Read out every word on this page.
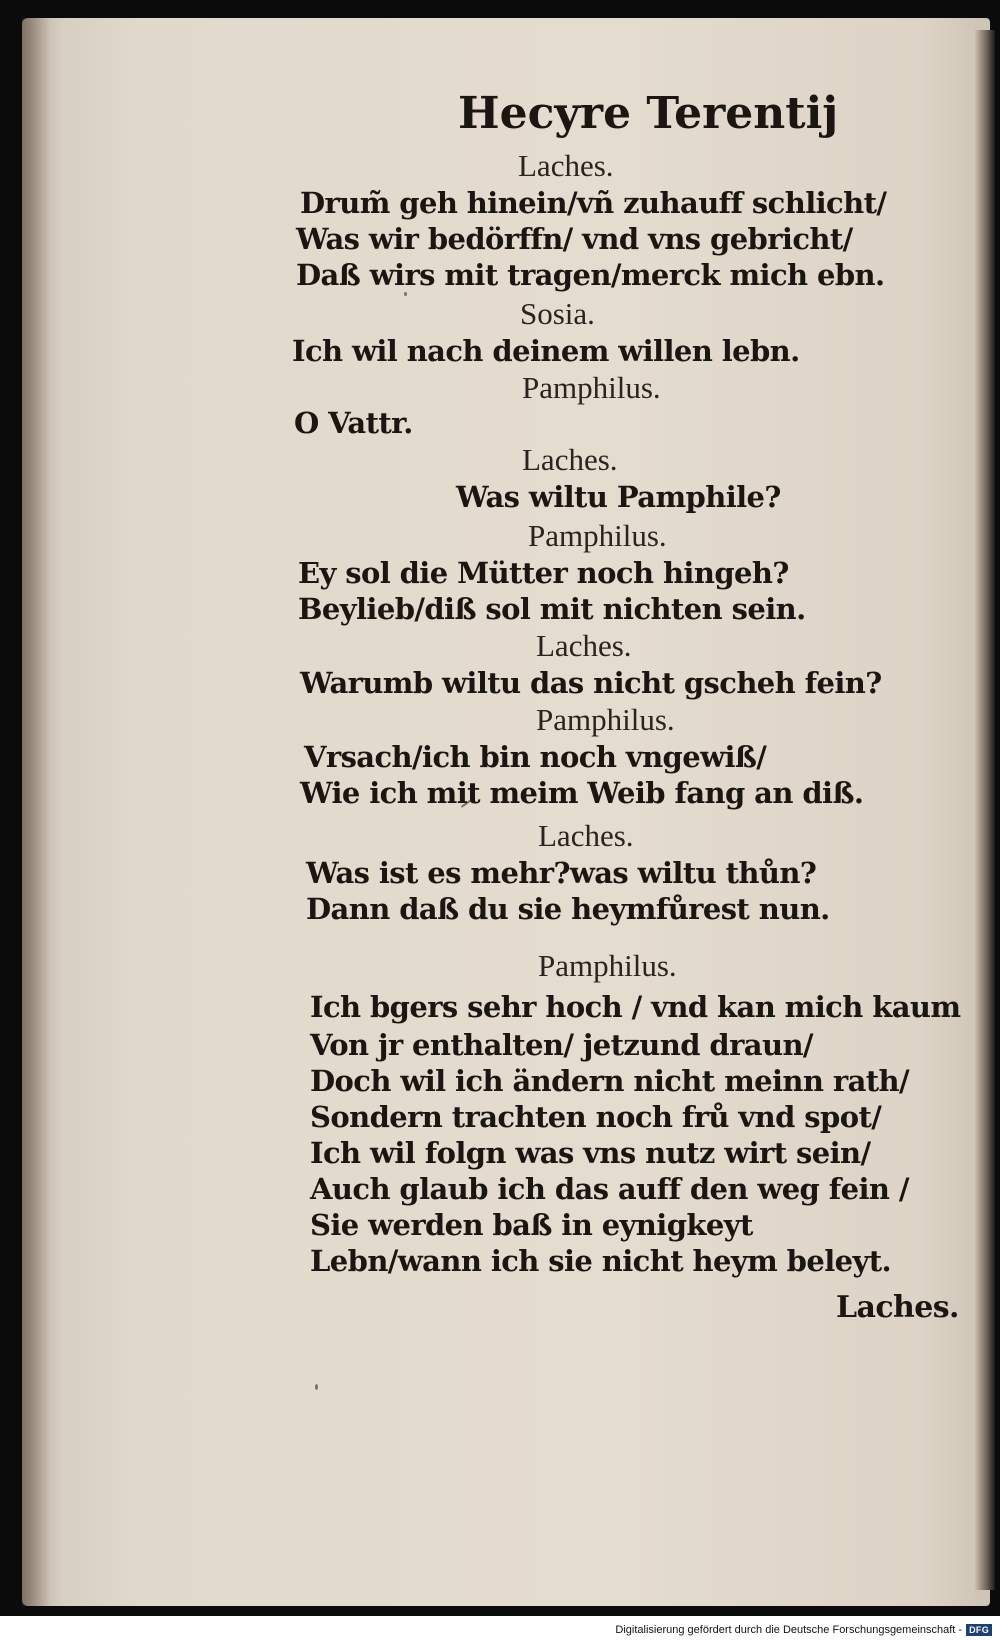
Hecyre Terentij
Laches.
Drum̃ geh hinein/vñ zuhauff schlicht/
Was wir bedörffn/ vnd vns gebricht/
Daß wirs mit tragen/merck mich ebn.
Sosia.
Ich wil nach deinem willen lebn.
Pamphilus.
O Vattr.
Laches.
Was wiltu Pamphile?
Pamphilus.
Ey sol die Mütter noch hingeh?
Beylieb/diß sol mit nichten sein.
Laches.
Warumb wiltu das nicht gscheh fein?
Pamphilus.
Vrsach/ich bin noch vngewiß/
Wie ich mit meim Weib fang an diß.
Laches.
Was ist es mehr?was wiltu thůn?
Dann daß du sie heymfůrest nun.
Pamphilus.
Ich bgers sehr hoch / vnd kan mich kaum
Von jr enthalten/ jetzund draun/
Doch wil ich ändern nicht meinn rath/
Sondern trachten noch frů vnd spot/
Ich wil folgn was vns nutz wirt sein/
Auch glaub ich das auff den weg fein /
Sie werden baß in eynigkeyt
Lebn/wann ich sie nicht heym beleyt.
Laches.
Digitalisierung gefördert durch die Deutsche Forschungsgemeinschaft - DFG
